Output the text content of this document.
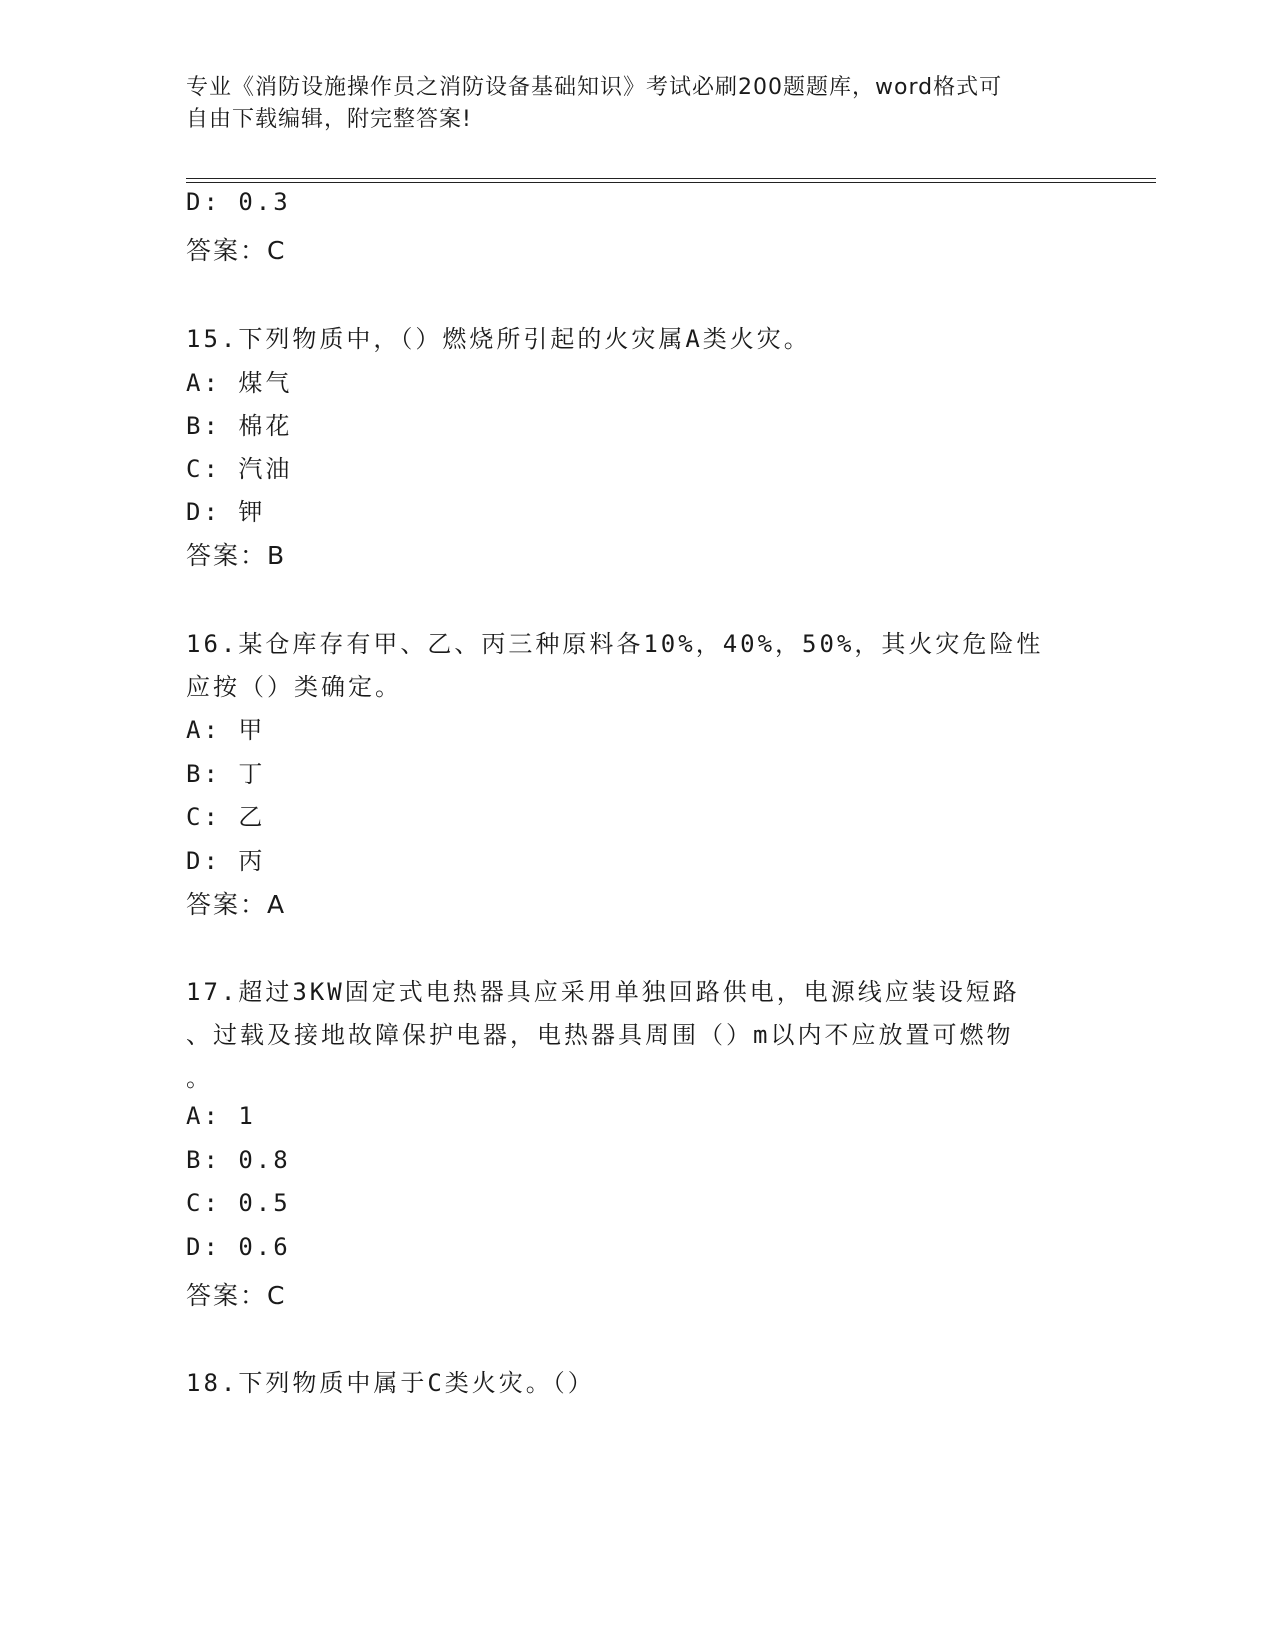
专业《消防设施操作员之消防设备基础知识》考试必刷200题题库，word格式可
自由下载编辑，附完整答案!
D: 0.3
答案：C
15.下列物质中，（）燃烧所引起的火灾属A类火灾。
A: 煤气
B: 棉花
C: 汽油
D: 钾
答案：B
16.某仓库存有甲、乙、丙三种原料各10%，40%，50%，其火灾危险性
应按（）类确定。
A: 甲
B: 丁
C: 乙
D: 丙
答案：A
17.超过3KW固定式电热器具应采用单独回路供电，电源线应装设短路
、过载及接地故障保护电器，电热器具周围（）m以内不应放置可燃物
。
A: 1
B: 0.8
C: 0.5
D: 0.6
答案：C
18.下列物质中属于C类火灾。（）
